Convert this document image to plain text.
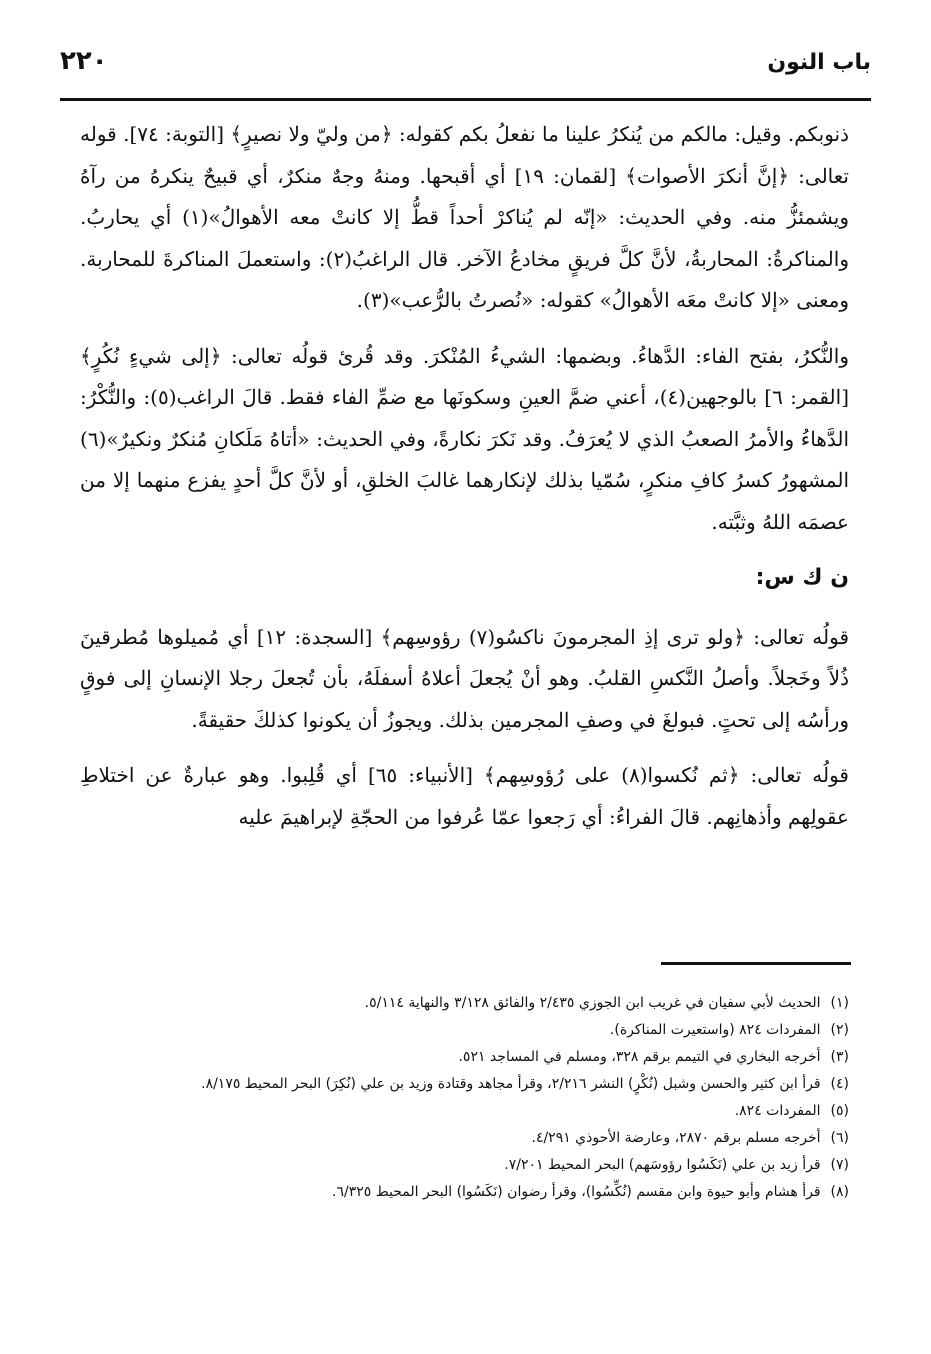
باب النون
٢٢٠

ذنوبكم. وقيل: مالكم من يُنكرُ علينا ما نفعلُ بكم كقوله: ﴿من وليّ ولا نصيرٍ﴾ [التوبة: ٧٤]. قوله تعالى: ﴿إنَّ أنكرَ الأصوات﴾ [لقمان: ١٩] أي أقبحها. ومنهُ وجهٌ منكرٌ، أي قبيحٌ ينكرهُ من رآهُ ويشمئزُّ منه. وفي الحديث: «إنّه لم يُناكرْ أحداً قطُّ إلا كانتْ معه الأهوالُ»(١) أي يحاربُ. والمناكرةُ: المحاربةُ، لأنَّ كلَّ فريقٍ مخادعُ الآخر. قال الراغبُ(٢): واستعملَ المناكرةَ للمحاربة. ومعنى «إلا كانتْ معَه الأهوالُ» كقوله: «نُصرتُ بالرُّعب»(٣).

والنُّكرُ، بفتح الفاء: الدَّهاءُ. وبضمها: الشيءُ المُنْكرَ. وقد قُرئ قولُه تعالى: ﴿إلى شيءٍ نُكُرٍ﴾ [القمر: ٦] بالوجهين(٤)، أعني ضمَّ العينِ وسكونَها مع ضمِّ الفاء فقط. قالَ الراغب(٥): والنُّكْرُ: الدَّهاءُ والأمرُ الصعبُ الذي لا يُعرَفُ. وقد نَكرَ نكارةً، وفي الحديث: «أتاهُ مَلَكانِ مُنكرٌ ونكيرٌ»(٦) المشهورُ كسرُ كافِ منكرٍ، سُمّيا بذلك لإنكارهما غالبَ الخلقِ، أو لأنَّ كلَّ أحدٍ يفزع منهما إلا من عصمَه اللهُ وثبَّته.

ن ك س:

قولُه تعالى: ﴿ولو ترى إذِ المجرمونَ ناكسُو(٧) رؤوسِهم﴾ [السجدة: ١٢] أي مُميلوها مُطرقينَ ذُلاً وخَجلاً. وأصلُ النَّكسِ القلبُ. وهو أنْ يُجعلَ أعلاهُ أسفلَهُ، بأن تُجعلَ رجلا الإنسانِ إلى فوقٍ ورأسُه إلى تحتٍ. فبولغَ في وصفِ المجرمين بذلك. ويجوزُ أن يكونوا كذلكَ حقيقةً.

قولُه تعالى: ﴿ثم نُكسوا(٨) على رُؤوسِهم﴾ [الأنبياء: ٦٥] أي قُلِبوا. وهو عبارةٌ عن اختلاطِ عقولِهم وأذهانِهم. قالَ الفراءُ: أي رَجعوا عمّا عُرفوا من الحجّةِ لإبراهيمَ عليه

(١)الحديث لأبي سفيان في غريب ابن الجوزي ٢/٤٣٥ والفائق ٣/١٢٨ والنهاية ٥/١١٤.
(٢)المفردات ٨٢٤ (واستعيرت المناكرة).
(٣)أخرجه البخاري في التيمم برقم ٣٢٨، ومسلم في المساجد ٥٢١.
(٤)قرأ ابن كثير والحسن وشبل (نُكْرٍ) النشر ٢/٢١٦، وقرأ مجاهد وقتادة وزيد بن علي (نُكِرَ) البحر المحيط ٨/١٧٥.
(٥)المفردات ٨٢٤.
(٦)أخرجه مسلم برقم ٢٨٧٠، وعارضة الأحوذي ٤/٢٩١.
(٧)قرأ زيد بن علي (نَكَسُوا رؤوسَهم) البحر المحيط ٧/٢٠١.
(٨)قرأ هشام وأبو حيوة وابن مقسم (نُكِّسُوا)، وقرأ رضوان (نَكَسُوا) البحر المحيط ٦/٣٢٥.
